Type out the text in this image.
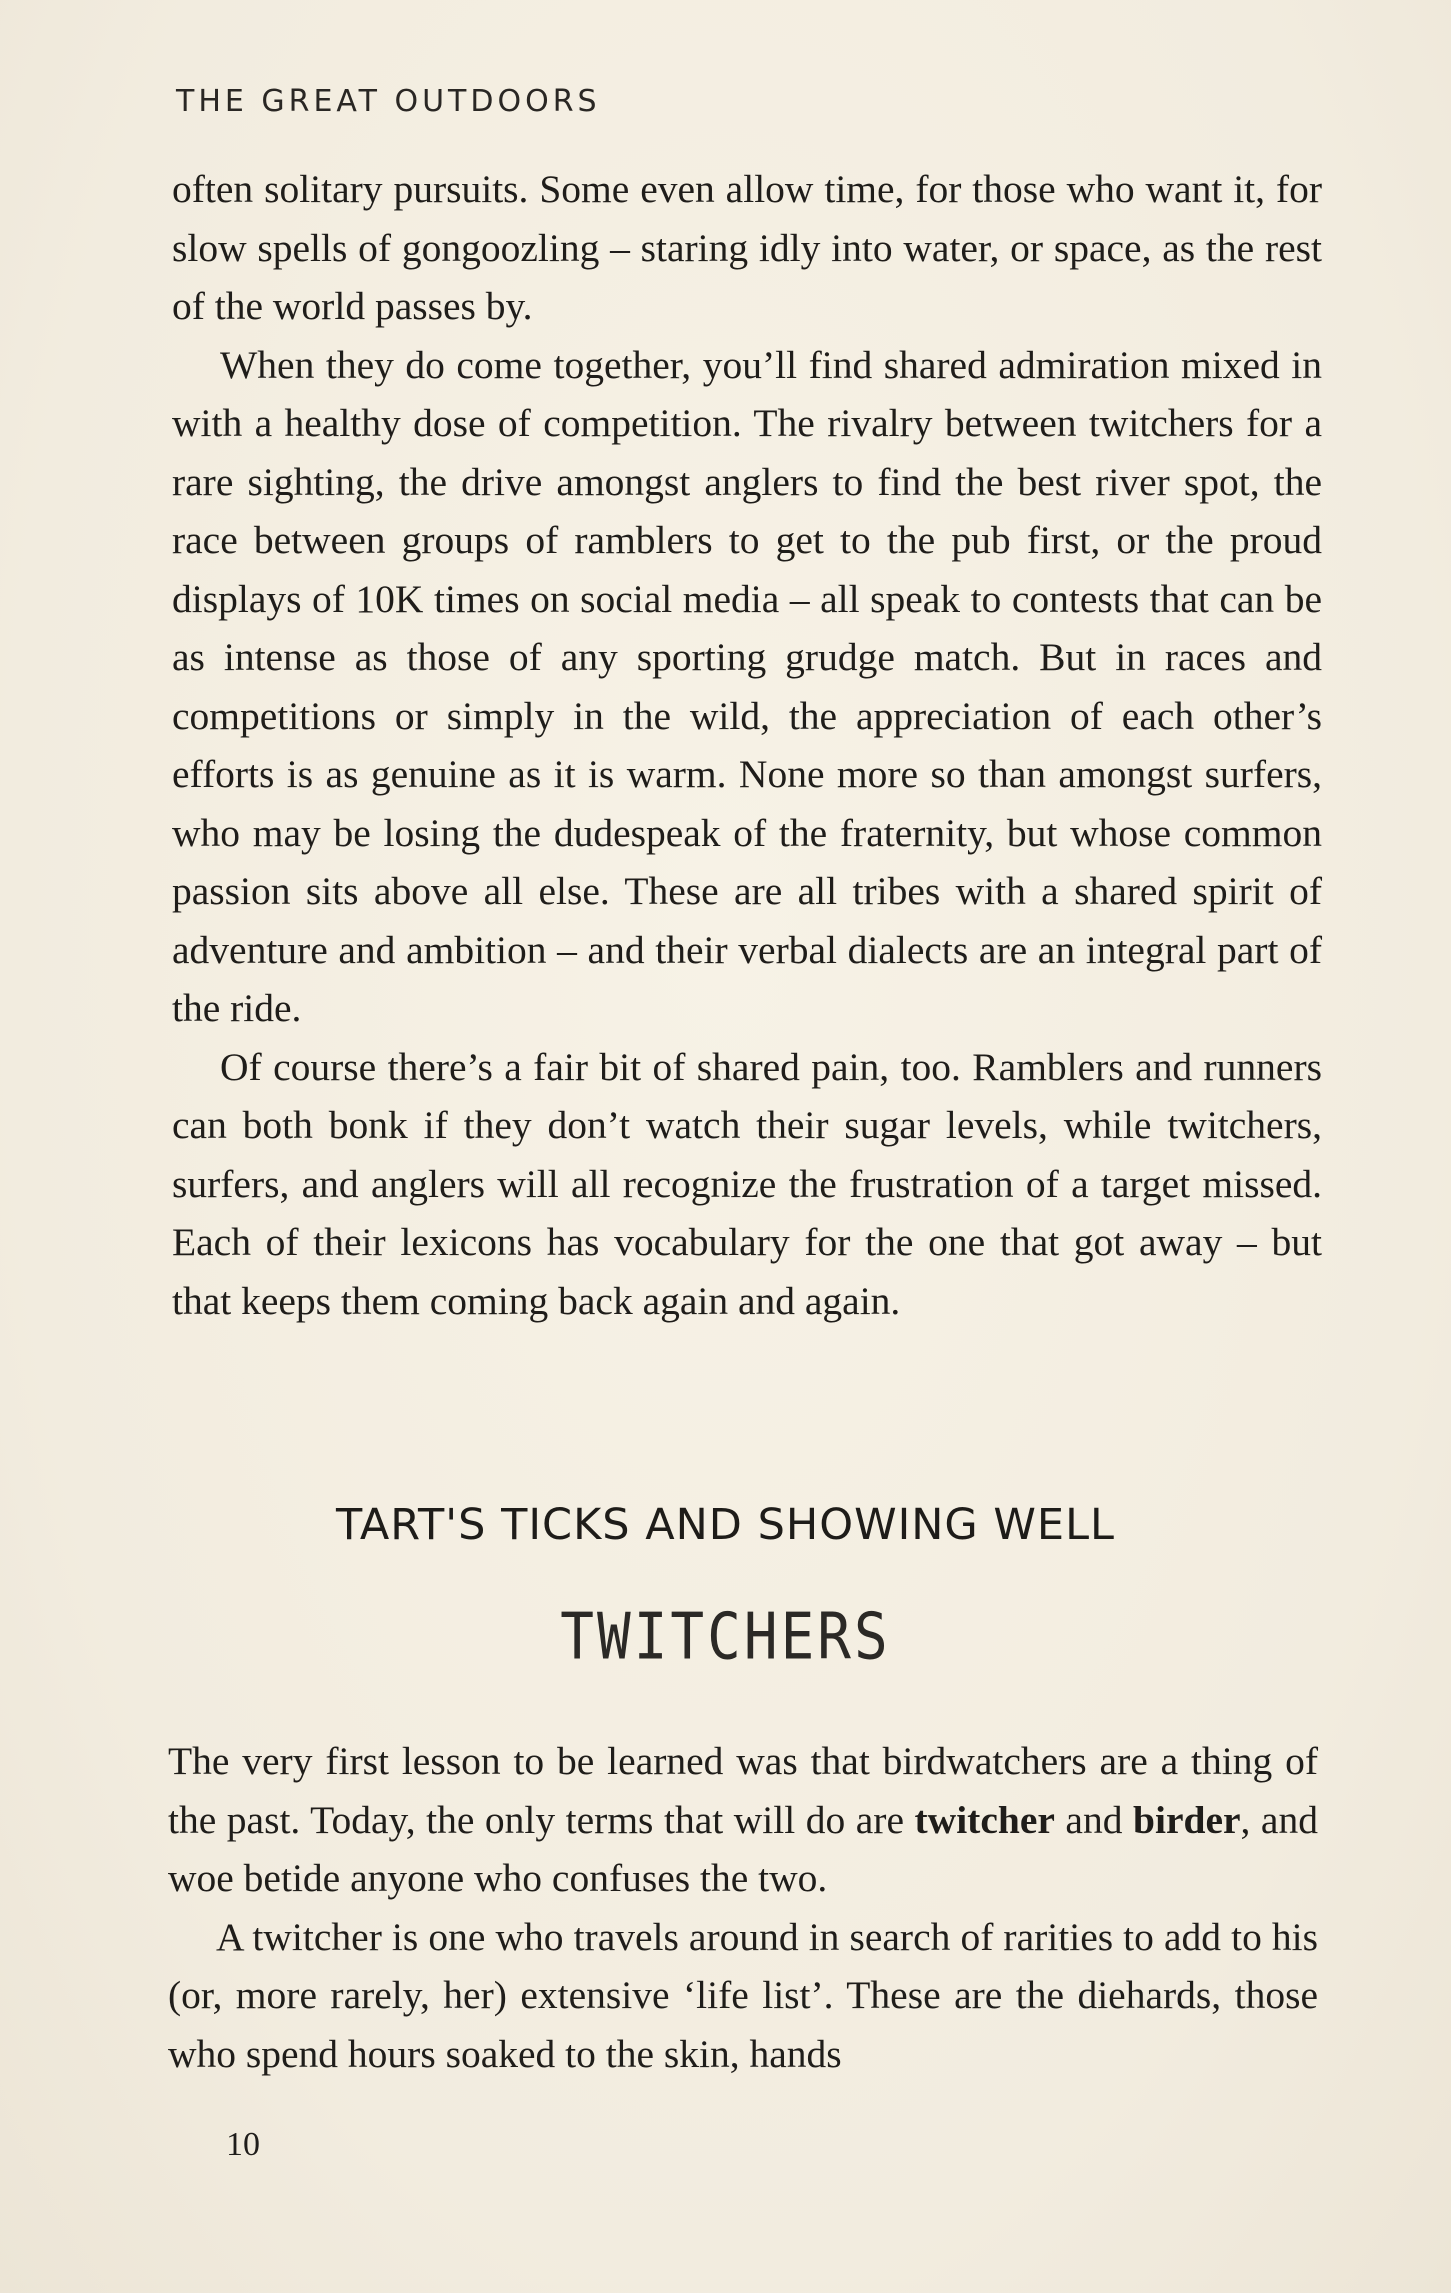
THE GREAT OUTDOORS

often solitary pursuits. Some even allow time, for those who want it, for slow spells of gongoozling – staring idly into water, or space, as the rest of the world passes by.

When they do come together, you’ll find shared admiration mixed in with a healthy dose of competition. The rivalry between twitchers for a rare sighting, the drive amongst anglers to find the best river spot, the race between groups of ramblers to get to the pub first, or the proud displays of 10K times on social media – all speak to contests that can be as intense as those of any sporting grudge match. But in races and competitions or simply in the wild, the appreciation of each other’s efforts is as genuine as it is warm. None more so than amongst surfers, who may be losing the dudespeak of the fraternity, but whose common passion sits above all else. These are all tribes with a shared spirit of adventure and ambition – and their verbal dialects are an integral part of the ride.

Of course there’s a fair bit of shared pain, too. Ramblers and runners can both bonk if they don’t watch their sugar levels, while twitchers, surfers, and anglers will all recognize the frustration of a target missed. Each of their lexicons has vocabulary for the one that got away – but that keeps them coming back again and again.

TART'S TICKS AND SHOWING WELL
TWITCHERS

The very first lesson to be learned was that birdwatchers are a thing of the past. Today, the only terms that will do are twitcher and birder, and woe betide anyone who confuses the two.

A twitcher is one who travels around in search of rarities to add to his (or, more rarely, her) extensive ‘life list’. These are the diehards, those who spend hours soaked to the skin, hands

10
